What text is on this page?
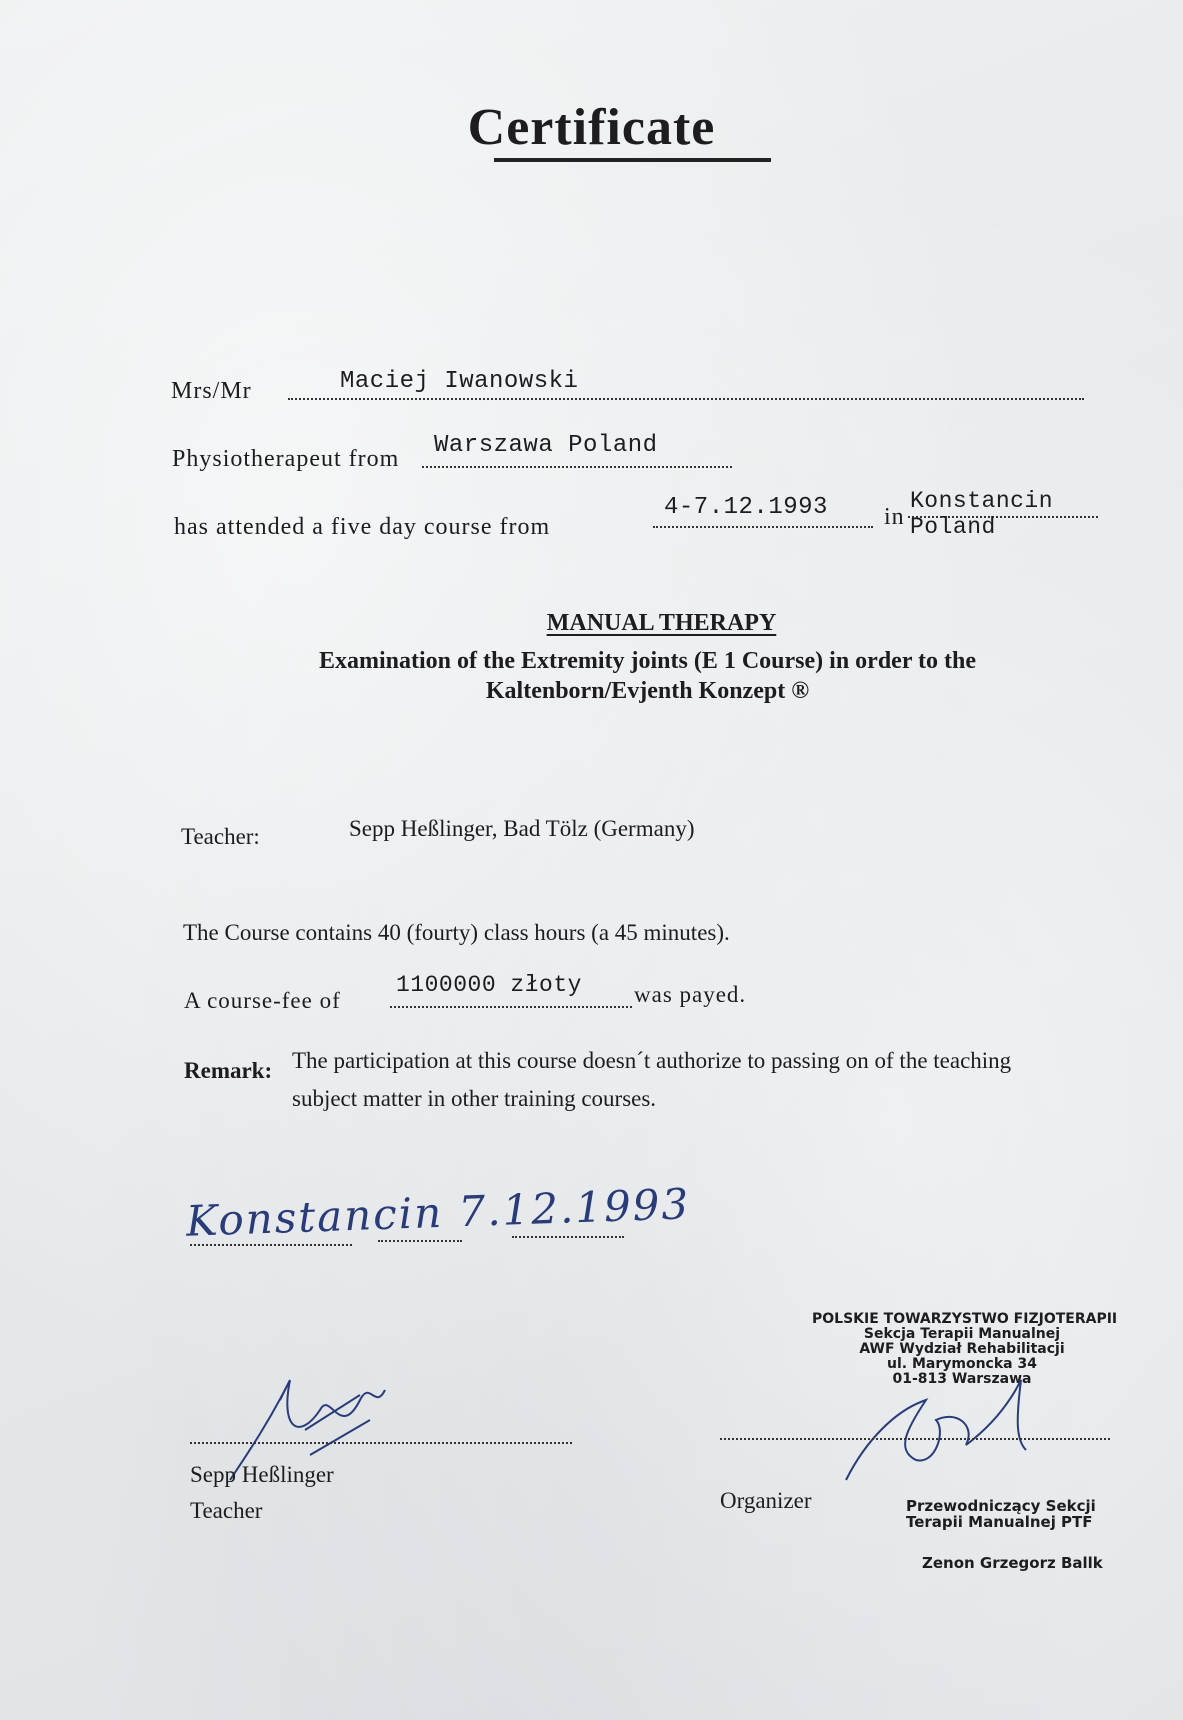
Certificate
Mrs/Mr	Maciej Iwanowski
Physiotherapeut from Warszawa Poland
has attended a five day course from
4-7.12.1993 in
Konstancin
Poland
MANUAL THERAPY
Examination of the Extremity joints (E 1 Course) in order to the
Kaltenborn/Evjenth Konzept ®
Teacher:	Sepp Heßlinger, Bad Tölz (Germany)
The Course contains 40 (fourty) class hours (a 45 minutes).
A course-fee of
1100000 złoty was payed.
Remark: The participation at this course doesn´t authorize to passing on of the teaching
subject matter in other training courses.
Konstancin 7.12.1993
Sepp Heßlinger
Teacher
POLSKIE TOWARZYSTWO FIZJOTERAPII
Sekcja Terapii Manualnej
AWF Wydział Rehabilitacji
ul. Marymoncka 34
01-813 Warszawa
Organizer	Przewodniczący Sekcji
Terapii Manualnej PTF
Zenon Grzegorz Ballk
